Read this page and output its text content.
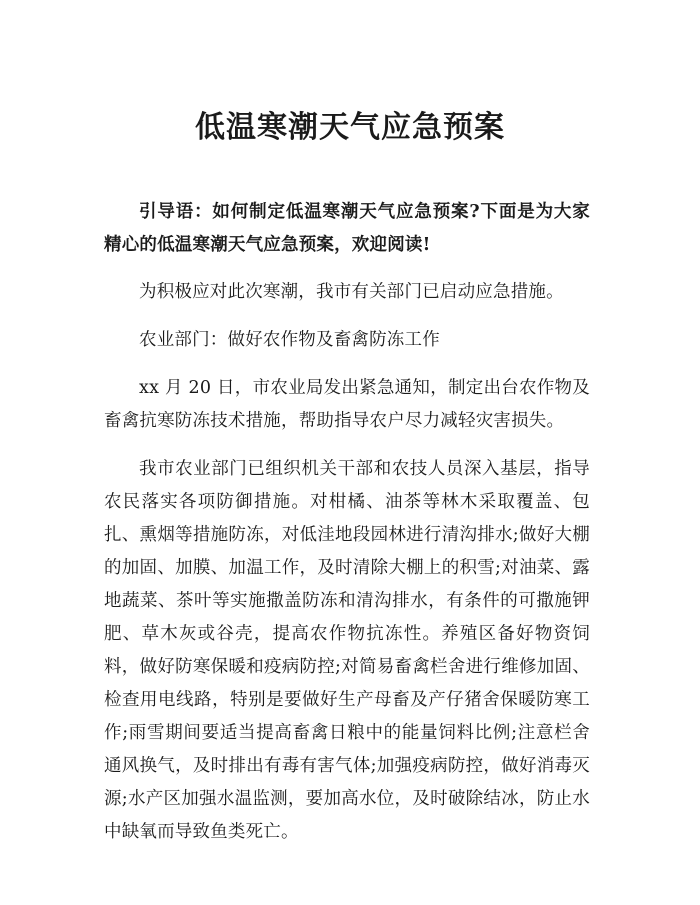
低温寒潮天气应急预案

引导语：如何制定低温寒潮天气应急预案?下面是为大家精心的低温寒潮天气应急预案，欢迎阅读!

为积极应对此次寒潮，我市有关部门已启动应急措施。

农业部门：做好农作物及畜禽防冻工作

xx 月 20 日，市农业局发出紧急通知，制定出台农作物及畜禽抗寒防冻技术措施，帮助指导农户尽力减轻灾害损失。

我市农业部门已组织机关干部和农技人员深入基层，指导农民落实各项防御措施。对柑橘、油茶等林木采取覆盖、包扎、熏烟等措施防冻，对低洼地段园林进行清沟排水;做好大棚的加固、加膜、加温工作，及时清除大棚上的积雪;对油菜、露地蔬菜、茶叶等实施撒盖防冻和清沟排水，有条件的可撒施钾肥、草木灰或谷壳，提高农作物抗冻性。养殖区备好物资饲料，做好防寒保暖和疫病防控;对简易畜禽栏舍进行维修加固、检查用电线路，特别是要做好生产母畜及产仔猪舍保暖防寒工作;雨雪期间要适当提高畜禽日粮中的能量饲料比例;注意栏舍通风换气，及时排出有毒有害气体;加强疫病防控，做好消毒灭源;水产区加强水温监测，要加高水位，及时破除结冰，防止水中缺氧而导致鱼类死亡。
